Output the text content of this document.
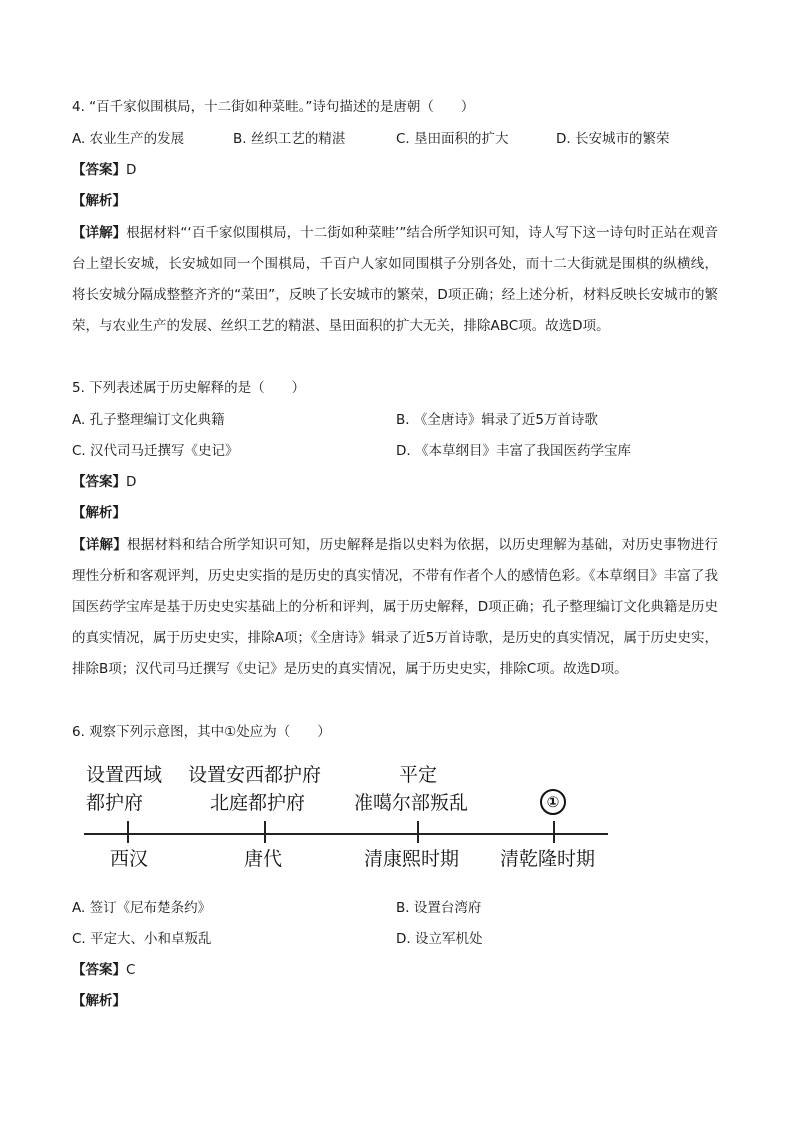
4. “百千家似围棋局，十二街如种菜畦。”诗句描述的是唐朝（　　）
A. 农业生产的发展	B. 丝织工艺的精湛	C. 垦田面积的扩大	D. 长安城市的繁荣
【答案】D
【解析】
【详解】根据材料“‘百千家似围棋局，十二街如种菜畦’”结合所学知识可知，诗人写下这一诗句时正站在观音台上望长安城，长安城如同一个围棋局，千百户人家如同围棋子分别各处，而十二大街就是围棋的纵横线，将长安城分隔成整整齐齐的“菜田”，反映了长安城市的繁荣，D项正确；经上述分析，材料反映长安城市的繁荣，与农业生产的发展、丝织工艺的精湛、垦田面积的扩大无关，排除ABC项。故选D项。
5. 下列表述属于历史解释的是（　　）
A. 孔子整理编订文化典籍	B. 《全唐诗》辑录了近5万首诗歌
C. 汉代司马迁撰写《史记》	D. 《本草纲目》丰富了我国医药学宝库
【答案】D
【解析】
【详解】根据材料和结合所学知识可知，历史解释是指以史料为依据，以历史理解为基础，对历史事物进行理性分析和客观评判，历史史实指的是历史的真实情况，不带有作者个人的感情色彩。《本草纲目》丰富了我国医药学宝库是基于历史史实基础上的分析和评判，属于历史解释，D项正确；孔子整理编订文化典籍是历史的真实情况，属于历史史实，排除A项；《全唐诗》辑录了近5万首诗歌，是历史的真实情况，属于历史史实，排除B项；汉代司马迁撰写《史记》是历史的真实情况，属于历史史实，排除C项。故选D项。
6. 观察下列示意图，其中①处应为（　　）
设置西域
都护府
设置安西都护府
北庭都护府
平定
准噶尔部叛乱	①
西汉	唐代	清康熙时期 清乾隆时期
A. 签订《尼布楚条约》	B. 设置台湾府
C. 平定大、小和卓叛乱	D. 设立军机处
【答案】C
【解析】
